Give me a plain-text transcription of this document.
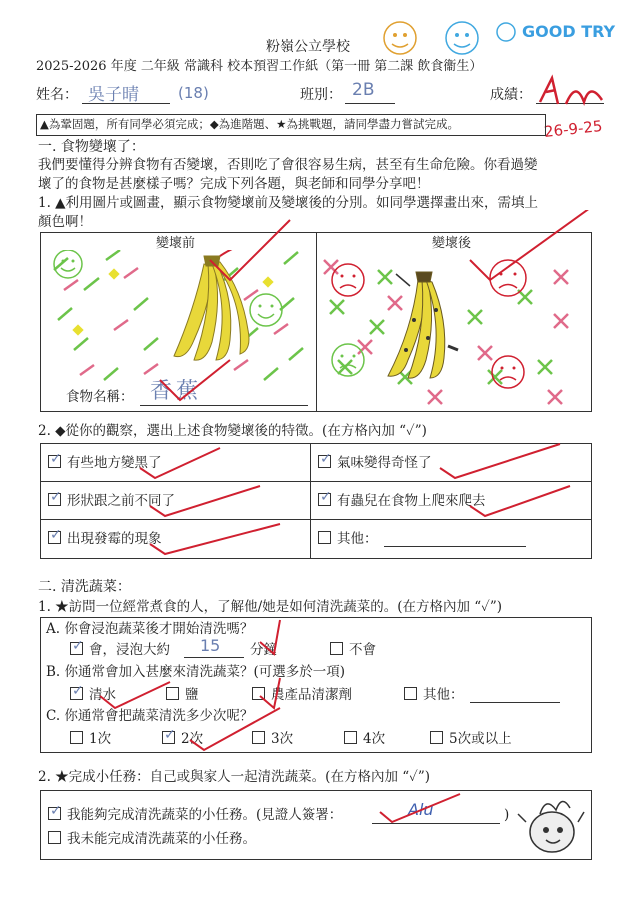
粉嶺公立學校
2025-2026 年度 二年級 常識科 校本預習工作紙（第一冊 第二課 飲食衞生）
GOOD TRY
姓名： 吳子晴	(18)	班別： 2B	成績：
26-9-25
▲為鞏固題，所有同學必須完成；◆為進階題、★為挑戰題，請同學盡力嘗試完成。
一. 食物變壞了：
我們要懂得分辨食物有否變壞，否則吃了會很容易生病，甚至有生命危險。你看過變
壞了的食物是甚麼樣子嗎？完成下列各題，與老師和同學分享吧！
1. ▲利用圖片或圖畫，顯示食物變壞前及變壞後的分別。如同學選擇畫出來，需填上
顏色啊！
變壞前	變壞後
食物名稱： 香蕉
2. ◆從你的觀察，選出上述食物變壞後的特徵。(在方格內加 “✓”)
✓ 有些地方變黑了	✓ 氣味變得奇怪了
✓ 形狀跟之前不同了	✓ 有蟲兒在食物上爬來爬去
✓ 出現發霉的現象	其他：
二. 清洗蔬菜：
1. ★訪問一位經常煮食的人，了解他/她是如何清洗蔬菜的。(在方格內加 “✓”)
A. 你會浸泡蔬菜後才開始清洗嗎？
✓ 會，浸泡大約 15 分鐘	不會
B. 你通常會加入甚麼來清洗蔬菜？(可選多於一項)
✓ 清水	鹽	農產品清潔劑	其他：
C. 你通常會把蔬菜清洗多少次呢？
1次	✓ 2次	3次	4次	5次或以上
2. ★完成小任務：自己或與家人一起清洗蔬菜。(在方格內加 “✓”)
✓ 我能夠完成清洗蔬菜的小任務。(見證人簽署：	Alu	)
我未能完成清洗蔬菜的小任務。
